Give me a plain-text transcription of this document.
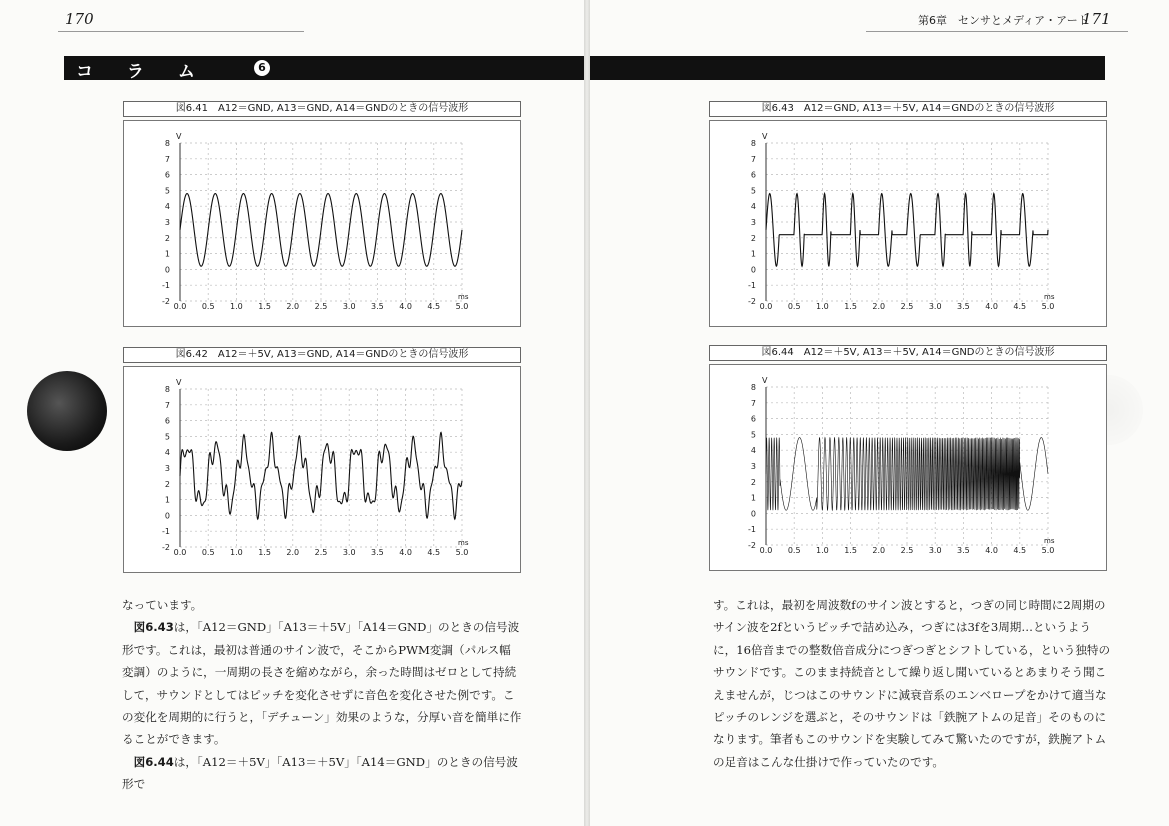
170	第6章　センサとメディア・アート
171
コ ラ ム	6
図6.41　A12＝GND, A13＝GND, A14＝GNDのときの信号波形
8
7
6
5
4
3
2
1
0
-1
-2
0.0 0.5 1.0 1.5 2.0 2.5 3.0 3.5 4.0 4.5 5.0
V
ms
図6.42　A12＝＋5V, A13＝GND, A14＝GNDのときの信号波形
8
7
6
5
4
3
2
1
0
-1
-2
0.0 0.5 1.0 1.5 2.0 2.5 3.0 3.5 4.0 4.5 5.0
V
ms
図6.43　A12＝GND, A13＝＋5V, A14＝GNDのときの信号波形
8
7
6
5
4
3
2
1
0
-1
-2
0.0 0.5 1.0 1.5 2.0 2.5 3.0 3.5 4.0 4.5 5.0
V
ms
図6.44　A12＝＋5V, A13＝＋5V, A14＝GNDのときの信号波形
8
7
6
5
4
3
2
1
0
-1
-2
0.0 0.5 1.0 1.5 2.0 2.5 3.0 3.5 4.0 4.5 5.0
V
ms

なっています。

図6.43は，「A12＝GND」「A13＝＋5V」「A14＝GND」のときの信号波形です。これは，最初は普通のサイン波で，そこからPWM変調（パルス幅変調）のように，一周期の長さを縮めながら，余った時間はゼロとして持続して，サウンドとしてはピッチを変化させずに音色を変化させた例です。この変化を周期的に行うと，「デチューン」効果のような，分厚い音を簡単に作ることができます。

図6.44は，「A12＝＋5V」「A13＝＋5V」「A14＝GND」のときの信号波形で

す。これは，最初を周波数fのサイン波とすると，つぎの同じ時間に2周期のサイン波を2fというピッチで詰め込み，つぎには3fを3周期…というように，16倍音までの整数倍音成分につぎつぎとシフトしている，という独特のサウンドです。このまま持続音として繰り返し聞いているとあまりそう聞こえませんが，じつはこのサウンドに減衰音系のエンベロープをかけて適当なピッチのレンジを選ぶと，そのサウンドは「鉄腕アトムの足音」そのものになります。筆者もこのサウンドを実験してみて驚いたのですが，鉄腕アトムの足音はこんな仕掛けで作っていたのです。
